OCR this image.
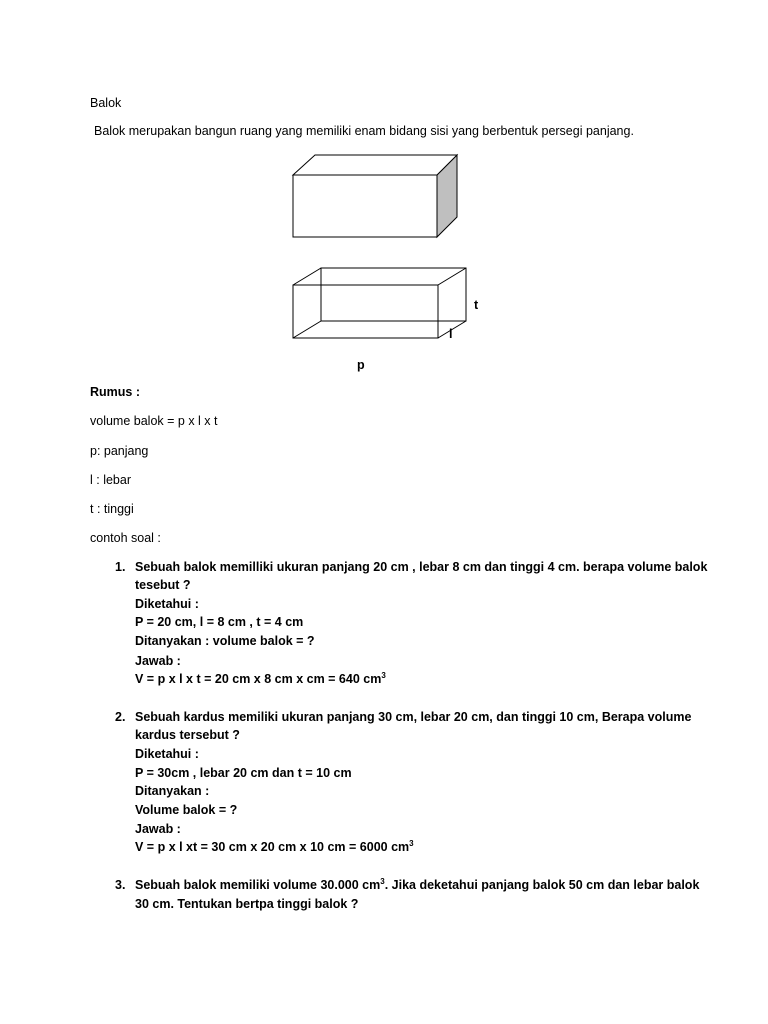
Balok
Balok merupakan bangun ruang yang memiliki enam bidang sisi yang berbentuk persegi panjang.
t
l
p
Rumus :
volume balok = p x l x t
p: panjang
l : lebar
t : tinggi
contoh soal :
1. Sebuah balok memilliki ukuran panjang 20 cm , lebar 8 cm dan tinggi 4 cm. berapa volume balok
tesebut ?
Diketahui :
P = 20 cm, l = 8 cm , t = 4 cm
Ditanyakan : volume balok = ?
Jawab :
V = p x l x t = 20 cm x 8 cm x cm = 640 $cm^3$
2. Sebuah kardus memiliki ukuran panjang 30 cm, lebar 20 cm, dan tinggi 10 cm, Berapa volume
kardus tersebut ?
Diketahui :
P = 30cm , lebar 20 cm dan t = 10 cm
Ditanyakan :
Volume balok = ?
Jawab :
V = p x l xt = 30 cm x 20 cm x 10 cm = 6000 $cm^3$
3. Sebuah balok memiliki volume 30.000 $cm^3$. Jika deketahui panjang balok 50 cm dan lebar balok
30 cm. Tentukan bertpa tinggi balok ?
